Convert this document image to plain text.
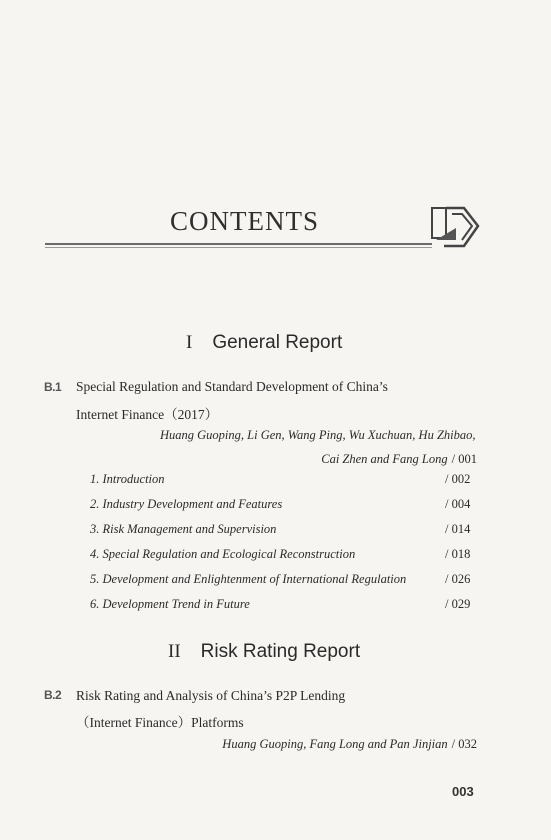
CONTENTS
I General Report
B.1 Special Regulation and Standard Development of China’s
Internet Finance（2017）
Huang Guoping, Li Gen, Wang Ping, Wu Xuchuan, Hu Zhibao,
Cai Zhen and Fang Long / 001
1. Introduction	/ 002
2. Industry Development and Features	/ 004
3. Risk Management and Supervision	/ 014
4. Special Regulation and Ecological Reconstruction	/ 018
5. Development and Enlightenment of International Regulation	/ 026
6. Development Trend in Future	/ 029
II Risk Rating Report
B.2 Risk Rating and Analysis of China’s P2P Lending
（Internet Finance）Platforms
Huang Guoping, Fang Long and Pan Jinjian / 032
003
